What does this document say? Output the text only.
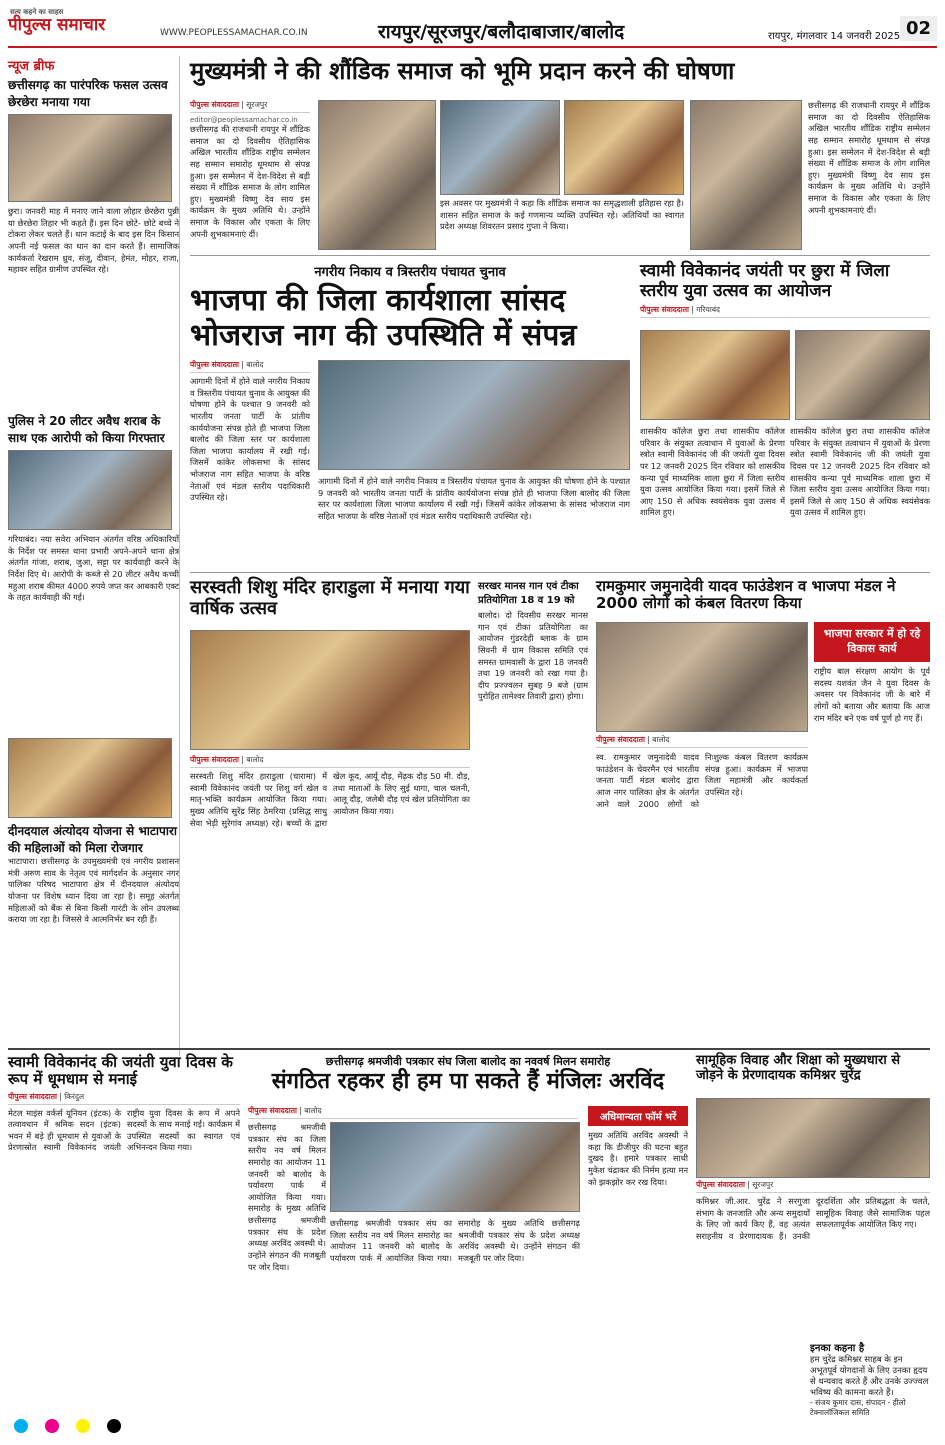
सत्य कहने का साहस
पीपुल्स समाचार	WWW.PEOPLESSAMACHAR.CO.IN	रायपुर/सूरजपुर/बलौदाबाजार/बालोद	रायपुर, मंगलवार 14 जनवरी 2025 02
न्यूज ब्रीफ
छत्तीसगढ़ का पारंपरिक फसल उत्सव छेरछेरा मनाया गया
छुरा। जनवरी माह में मनाए जाने वाला लोहार छेरछेरा पुन्नी या छेरछेरा तिहार भी कहते हैं। इस दिन छोटे- छोटे बच्चे ने टोकरा लेकर चलते हैं। धान कटाई के बाद इस दिन किसान अपनी नई फसल का धान का दान करते हैं। सामाजिक कार्यकर्ता रेखराम ध्रुव, संजू, दीवान, हेमंत, मोहर, राजा, महावर सहित ग्रामीण उपस्थित रहे।
पुलिस ने 20 लीटर अवैध शराब के साथ एक आरोपी को किया गिरफ्तार
गरियाबंद। नया सवेरा अभियान अंतर्गत वरिष्ठ अधिकारियों के निर्देश पर समस्त थाना प्रभारी अपने-अपने थाना क्षेत्र अंतर्गत गांजा, शराब, जुआ, सट्टा पर कार्यवाही करने के निर्देश दिए थे। आरोपी के कब्जे से 20 लीटर अवैध कच्ची महुआ शराब कीमत 4000 रुपये जप्त कर आबकारी एक्ट के तहत कार्यवाही की गई।
दीनदयाल अंत्योदय योजना से भाटापारा की महिलाओं को मिला रोजगार
भाटापारा। छत्तीसगढ़ के उपमुख्यमंत्री एवं नगरीय प्रशासन मंत्री अरुण साव के नेतृत्व एवं मार्गदर्शन के अनुसार नगर पालिका परिषद भाटापारा क्षेत्र में दीनदयाल अंत्योदय योजना पर विशेष ध्यान दिया जा रहा है। समूह अंतर्गत महिलाओं को बैंक से बिना किसी गारंटी के लोन उपलब्ध कराया जा रहा है। जिससे वे आत्मनिर्भर बन रही हैं।
मुख्यमंत्री ने की शौंडिक समाज को भूमि प्रदान करने की घोषणा
पीपुल्स संवाददाता | सूरजपुर
editor@peoplessamachar.co.in
छत्तीसगढ़ की राजधानी रायपुर में शौंडिक समाज का दो दिवसीय ऐतिहासिक अखिल भारतीय शौंडिक राष्ट्रीय सम्मेलन सह सम्मान समारोह धूमधाम से संपन्न हुआ। इस सम्मेलन में देश-विदेश से बड़ी संख्या में शौंडिक समाज के लोग शामिल हुए। मुख्यमंत्री विष्णु देव साय इस कार्यक्रम के मुख्य अतिथि थे। उन्होंने समाज के विकास और एकता के लिए अपनी शुभकामनाएं दीं।
इस अवसर पर मुख्यमंत्री ने कहा कि शौंडिक समाज का समृद्धशाली इतिहास रहा है। शासन सहित समाज के कई गणमान्य व्यक्ति उपस्थित रहे। अतिथियों का स्वागत प्रदेश अध्यक्ष शिवरतन प्रसाद गुप्ता ने किया।
छत्तीसगढ़ की राजधानी रायपुर में शौंडिक समाज का दो दिवसीय ऐतिहासिक अखिल भारतीय शौंडिक राष्ट्रीय सम्मेलन सह सम्मान समारोह धूमधाम से संपन्न हुआ। इस सम्मेलन में देश-विदेश से बड़ी संख्या में शौंडिक समाज के लोग शामिल हुए। मुख्यमंत्री विष्णु देव साय इस कार्यक्रम के मुख्य अतिथि थे। उन्होंने समाज के विकास और एकता के लिए अपनी शुभकामनाएं दीं।
नगरीय निकाय व त्रिस्तरीय पंचायत चुनाव
भाजपा की जिला कार्यशाला सांसद भोजराज नाग की उपस्थिति में संपन्न
पीपुल्स संवाददाता | बालोद
आगामी दिनों में होने वाले नगरीय निकाय व त्रिस्तरीय पंचायत चुनाव के आयुक्त की घोषणा होने के पश्चात 9 जनवरी को भारतीय जनता पार्टी के प्रांतीय कार्ययोजना संपन्न होते ही भाजपा जिला बालोद की जिला स्तर पर कार्यशाला जिला भाजपा कार्यालय में रखी गई। जिसमें कांकेर लोकसभा के सांसद भोजराज नाग सहित भाजपा के वरिष्ठ नेताओं एवं मंडल स्तरीय पदाधिकारी उपस्थित रहे।
आगामी दिनों में होने वाले नगरीय निकाय व त्रिस्तरीय पंचायत चुनाव के आयुक्त की घोषणा होने के पश्चात 9 जनवरी को भारतीय जनता पार्टी के प्रांतीय कार्ययोजना संपन्न होते ही भाजपा जिला बालोद की जिला स्तर पर कार्यशाला जिला भाजपा कार्यालय में रखी गई। जिसमें कांकेर लोकसभा के सांसद भोजराज नाग सहित भाजपा के वरिष्ठ नेताओं एवं मंडल स्तरीय पदाधिकारी उपस्थित रहे।
स्वामी विवेकानंद जयंती पर छुरा में जिला स्तरीय युवा उत्सव का आयोजन
पीपुल्स संवाददाता | गरियाबंद
शासकीय कॉलेज छुरा तथा शासकीय कॉलेज परिवार के संयुक्त तत्वाधान में युवाओं के प्रेरणा स्त्रोत स्वामी विवेकानंद जी की जयंती युवा दिवस पर 12 जनवरी 2025 दिन रविवार को शासकीय कन्या पूर्व माध्यमिक शाला छुरा में जिला स्तरीय युवा उत्सव आयोजित किया गया। इसमें जिले से आए 150 से अधिक स्वयंसेवक युवा उत्सव में शामिल हुए।
शासकीय कॉलेज छुरा तथा शासकीय कॉलेज परिवार के संयुक्त तत्वाधान में युवाओं के प्रेरणा स्त्रोत स्वामी विवेकानंद जी की जयंती युवा दिवस पर 12 जनवरी 2025 दिन रविवार को शासकीय कन्या पूर्व माध्यमिक शाला छुरा में जिला स्तरीय युवा उत्सव आयोजित किया गया। इसमें जिले से आए 150 से अधिक स्वयंसेवक युवा उत्सव में शामिल हुए।
सरस्वती शिशु मंदिर हाराडुला में मनाया गया वार्षिक उत्सव
पीपुल्स संवाददाता | बालोद
सरस्वती शिशु मंदिर हाराडुला (चारामा) में स्वामी विवेकानंद जयंती पर शिशु वर्ग खेल व मातृ-भक्ति कार्यक्रम आयोजित किया गया। मुख्य अतिथि सुरेंद्र सिंह ठेमरिया (प्रसिद्ध साधु सेवा भेड़ी सुरेगांव अध्यक्ष) रहे। बच्चों के द्वारा खेल कूद, आर्यू दौड़, मेंढ़क दौड़ 50 मी. दौड़, तथा माताओं के लिए सुई धागा, चाल चलनी, आलू दौड़, जलेबी दौड़ एवं खेल प्रतियोगिता का आयोजन किया गया।
सरखर मानस गान एवं टीका प्रतियोगिता 18 व 19 को
बालोद। दो दिवसीय सरखर मानस गान एवं टीका प्रतियोगिता का आयोजन गुंडरदेही ब्लाक के ग्राम सिवनी में ग्राम विकास समिति एवं समस्त ग्रामवासी के द्वारा 18 जनवरी तथा 19 जनवरी को रखा गया है। दीप प्रज्ज्वलन सुबह 9 बजे (ग्राम पुरोहित तामेश्वर तिवारी द्वारा) होगा।
रामकुमार जमुनादेवी यादव फाउंडेशन व भाजपा मंडल ने 2000 लोगों को कंबल वितरण किया
पीपुल्स संवाददाता | बालोद
स्व. रामकुमार जमुनादेवी यादव फाउंडेशन के चेयरमैन एवं भारतीय जनता पार्टी मंडल बालोद द्वारा आज नगर पालिका क्षेत्र के अंतर्गत आने वाले 2000 लोगों को निःशुल्क कंबल वितरण कार्यक्रम संपन्न हुआ। कार्यक्रम में भाजपा जिला महामंत्री और कार्यकर्ता उपस्थित रहे।
भाजपा सरकार में हो रहे विकास कार्य
राष्ट्रीय बाल संरक्षण आयोग के पूर्व सदस्य यशवंत जैन ने युवा दिवस के अवसर पर विवेकानंद जी के बारे में लोगों को बताया और बताया कि आज राम मंदिर बने एक वर्ष पूर्ण हो गए हैं।
स्वामी विवेकानंद की जयंती युवा दिवस के रूप में धूमधाम से मनाई
पीपुल्स संवाददाता | किरंदुल
मेटल माइंस वर्कर्स यूनियन (इंटक) के तत्वावधान में श्रमिक सदन (इंटक) भवन में बड़े ही धूमधाम से युवाओं के प्रेरणास्रोत स्वामी विवेकानंद जयंती राष्ट्रीय युवा दिवस के रूप में अपने सदस्यों के साथ मनाई गई। कार्यक्रम में उपस्थित सदस्यों का स्वागत एवं अभिनन्दन किया गया।
छत्तीसगढ़ श्रमजीवी पत्रकार संघ जिला बालोद का नववर्ष मिलन समारोह
संगठित रहकर ही हम पा सकते हैं मंजिलः अरविंद
पीपुल्स संवाददाता | बालोद
छत्तीसगढ़ श्रमजीवी पत्रकार संघ का जिला स्तरीय नव वर्ष मिलन समारोह का आयोजन 11 जनवरी को बालोद के पर्यावरण पार्क में आयोजित किया गया। समारोह के मुख्य अतिथि छत्तीसगढ़ श्रमजीवी पत्रकार संघ के प्रदेश अध्यक्ष अरविंद अवस्थी थे। उन्होंने संगठन की मजबूती पर जोर दिया।
छत्तीसगढ़ श्रमजीवी पत्रकार संघ का जिला स्तरीय नव वर्ष मिलन समारोह का आयोजन 11 जनवरी को बालोद के पर्यावरण पार्क में आयोजित किया गया। समारोह के मुख्य अतिथि छत्तीसगढ़ श्रमजीवी पत्रकार संघ के प्रदेश अध्यक्ष अरविंद अवस्थी थे। उन्होंने संगठन की मजबूती पर जोर दिया।
अधिमान्यता फॉर्म भरें
मुख्य अतिथि अरविंद अवस्थी ने कहा कि डीजीपुर की घटना बहुत दुखद है। हमारे पत्रकार साथी मुकेश चंद्राकर की निर्मम हत्या मन को झकझोर कर रख दिया।
सामूहिक विवाह और शिक्षा को मुख्यधारा से जोड़ने के प्रेरणादायक कमिश्नर चुरेंद्र
पीपुल्स संवाददाता | सूरजपुर
कमिश्नर जी.आर. चुरेंद्र ने सरगुजा संभाग के जनजाति और अन्य समुदायों के लिए जो कार्य किए हैं, वह अत्यंत सराहनीय व प्रेरणादायक हैं। उनकी दूरदर्शिता और प्रतिबद्धता के चलते, सामूहिक विवाह जैसे सामाजिक पहल सफलतापूर्वक आयोजित किए गए।
इनका कहना है
हम चुरेंद्र कमिश्नर साहब के इन अभूतपूर्व योगदानों के लिए उनका हृदय से धन्यवाद करते हैं और उनके उज्ज्वल भविष्य की कामना करते हैं।
- संजय कुमार दास, संपादन - हीलो टेक्नालॉजिकल समिति
